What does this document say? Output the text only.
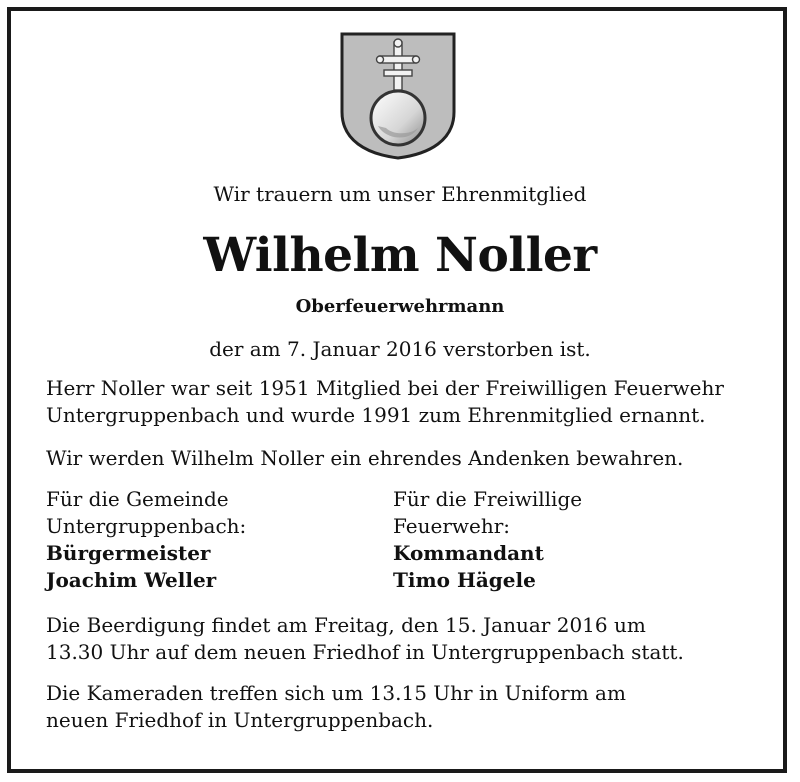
Wir trauern um unser Ehrenmitglied
Wilhelm Noller
Oberfeuerwehrmann
der am 7. Januar 2016 verstorben ist.
Herr Noller war seit 1951 Mitglied bei der Freiwilligen Feuerwehr
Untergruppenbach und wurde 1991 zum Ehrenmitglied ernannt.
Wir werden Wilhelm Noller ein ehrendes Andenken bewahren.
Für die Gemeinde
Untergruppenbach:
Bürgermeister
Joachim Weller
Für die Freiwillige
Feuerwehr:
Kommandant
Timo Hägele
Die Beerdigung findet am Freitag, den 15. Januar 2016 um
13.30 Uhr auf dem neuen Friedhof in Untergruppenbach statt.
Die Kameraden treffen sich um 13.15 Uhr in Uniform am
neuen Friedhof in Untergruppenbach.
